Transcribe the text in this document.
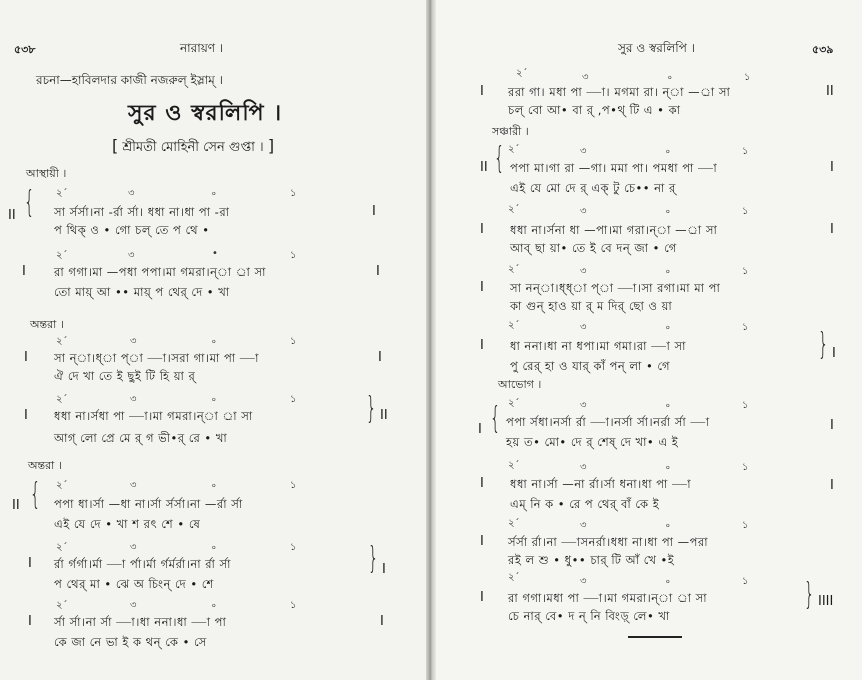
৫৩৮	নারায়ণ ।
রচনা—হাবিলদার কাজী নজরুল্ ইস্লাম্ ।
সুর ও স্বরলিপি ।
[ শ্রীমতী মোহিনী সেন গুপ্তা । ]
আস্থায়ী ।
অন্তরা ।
অন্তরা ।
২´	৩	৹	১
II { সা র্সর্সা।না -র্রা র্সা। ধধা না।ধা পা -রা	I
প থিক্ ও • গো চল্ তে প থে •
২´	৩	•	১
I রা গগা।মা —পধা পপা।মা গমরা।ন্া র্া সা	I
তো মায়্ আ •• মায়্ প থের্ দে • খা
২´	৩	৹	১
I সা ন্া।ধ্া প্া —া।সরা গা।মা পা —া	I
ঐ দে খা তে ই ছুই টি হি য়া র্
২´	৩	৹	১
I ধধা না।র্সধা পা —া।মা গমরা।ন্া র্া সা	} II
আগ্ লো প্রে মে র্ গ ভী•র্ রে • খা
২´	৩	৹	১
II { পপা ধা।র্সা —ধা না।র্সা র্সর্সা।না —র্রা র্সা
এই যে দে • খা শ রৎ শে • ষে
২´	৩	৹	১
I র্রা র্গর্গা।র্মা —া র্পা।র্মা র্গর্মর্রা।না র্রা র্সা	} I
প থের্ মা • ঝে অ চিংন্ দে • শে
২´	৩	৹	১
I র্সা র্সা।না র্সা —া।ধা ননা।ধা —া পা	I
কে জা নে ভা ই ক থন্ কে • সে
সুর ও স্বরলিপি ।	৫৩৯
সঞ্চারী ।
আভোগ ।
২´	৩	৹	১
I ররা গা। মধা পা —া। মগমা রা। ন্া —র্া সা	II
চল্ বো আ• বা র্ ,প•থ্ টি এ • কা
২´	৩	৹	১
II { পপা মা।গা রা —গা। মমা পা। পমধা পা —া	I
এই যে মো দে র্ এক্ টু চে•• না র্
২´	৩	৹	১
I ধধা না।র্সনা ধা —পা।মা গরা।ন্া —র্া সা	I
আব্ ছা য়া• তে ই বে দন্ জা • গে
২´	৩	৹	১
I সা নন্া।ধ্ধ্া প্া —া।সা রগা।মা মা পা
কা গুন্ হাও য়া র্ ম দির্ ছো ও য়া
২´	৩	৹	১
I ধা ননা।ধা না ধপা।মা গমা।রা —া সা	} I
পু রের্ হা ও যার্ কাঁ পন্ লা • গে
২´	৩	৹	১
I { পপা র্সধা।নর্সা র্রা —া।নর্সা র্সা।নর্রা র্সা —া	I
হয় ত• মো• দে র্ শেষ্ দে খা• এ ই
২´	৩	৹	১
I ধধা না।র্সা —না র্রা।র্সা ধনা।ধা পা —া	I
এম্ নি ক • রে প থের্ বাঁ কে ই
২´	৩	৹	১
I র্সর্সা র্রা।না —াসনর্রা।ধধা না।ধা পা —পরা
রই ল শু • ধু•• চার্ টি আঁ খে •ই
২´	৩	৹	১
I রা গগা।মধা পা —া।মা গমরা।ন্া র্া সা	} IIII
চে নার্ বে• দ ন্ নি বিংড়্ লে• খা
